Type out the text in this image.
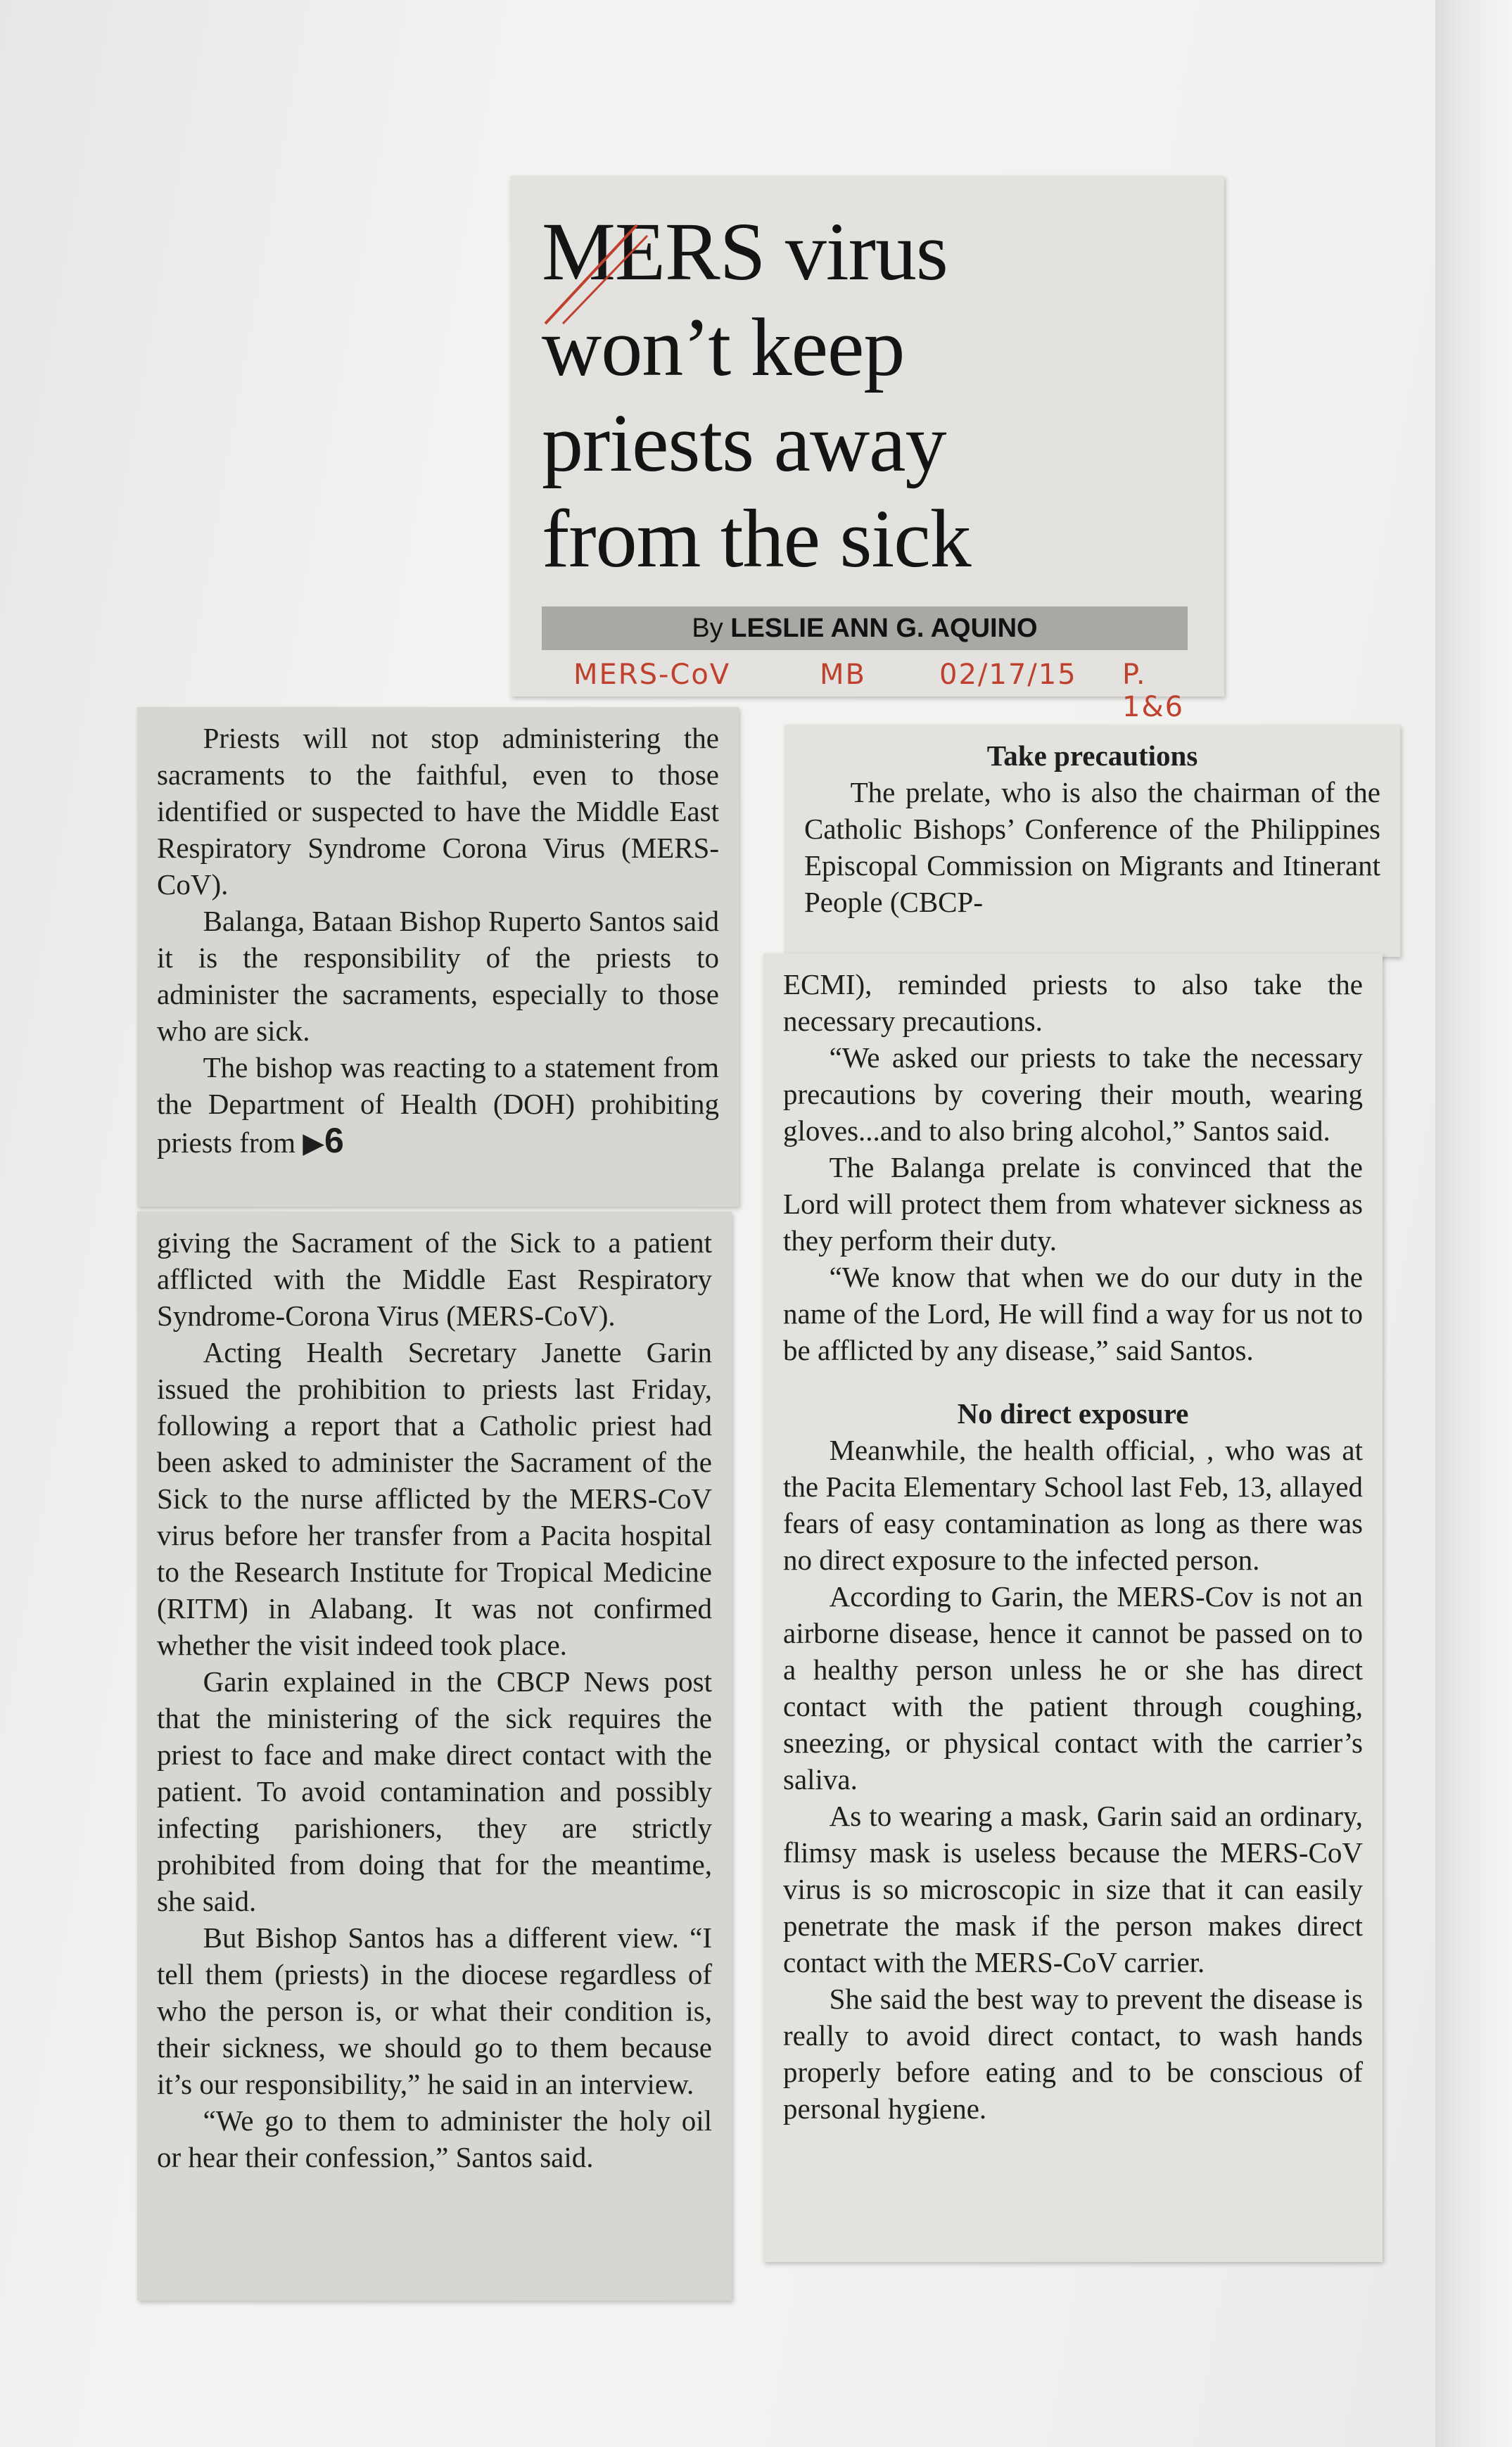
MERS virus
won’t keep
priests away
from the sick
By LESLIE ANN G. AQUINO
MERS-CoV	MB	02/17/15 P. 1&6

Priests will not stop administering the sacraments to the faithful, even to those identified or suspected to have the Middle East Respiratory Syndrome Corona Virus (MERS-CoV).

Balanga, Bataan Bishop Ruperto Santos said it is the responsibility of the priests to administer the sacraments, especially to those who are sick.

The bishop was reacting to a statement from the Department of Health (DOH) prohibiting priests from ▶6

giving the Sacrament of the Sick to a patient afflicted with the Middle East Respiratory Syndrome-Corona Virus (MERS-CoV).

Acting Health Secretary Janette Garin issued the prohibition to priests last Friday, following a report that a Catholic priest had been asked to administer the Sacrament of the Sick to the nurse afflicted by the MERS-CoV virus before her transfer from a Pacita hospital to the Research Institute for Tropical Medicine (RITM) in Alabang. It was not confirmed whether the visit indeed took place.

Garin explained in the CBCP News post that the ministering of the sick requires the priest to face and make direct contact with the patient. To avoid contamination and possibly infecting parishioners, they are strictly prohibited from doing that for the meantime, she said.

But Bishop Santos has a different view. “I tell them (priests) in the diocese regardless of who the person is, or what their condition is, their sickness, we should go to them because it’s our responsibility,” he said in an interview.

“We go to them to administer the holy oil or hear their confession,” Santos said.

Take precautions

The prelate, who is also the chairman of the Catholic Bishops’ Conference of the Philippines Episcopal Commission on Migrants and Itinerant People (CBCP-

ECMI), reminded priests to also take the necessary precautions.

“We asked our priests to take the necessary precautions by covering their mouth, wearing gloves...and to also bring alcohol,” Santos said.

The Balanga prelate is convinced that the Lord will protect them from whatever sickness as they perform their duty.

“We know that when we do our duty in the name of the Lord, He will find a way for us not to be afflicted by any disease,” said Santos.

No direct exposure

Meanwhile, the health official, , who was at the Pacita Elementary School last Feb, 13, allayed fears of easy contamination as long as there was no direct exposure to the infected person.

According to Garin, the MERS-Cov is not an airborne disease, hence it cannot be passed on to a healthy person unless he or she has direct contact with the patient through coughing, sneezing, or physical contact with the carrier’s saliva.

As to wearing a mask, Garin said an ordinary, flimsy mask is useless because the MERS-CoV virus is so microscopic in size that it can easily penetrate the mask if the person makes direct contact with the MERS-CoV carrier.

She said the best way to prevent the disease is really to avoid direct contact, to wash hands properly before eating and to be conscious of personal hygiene.
